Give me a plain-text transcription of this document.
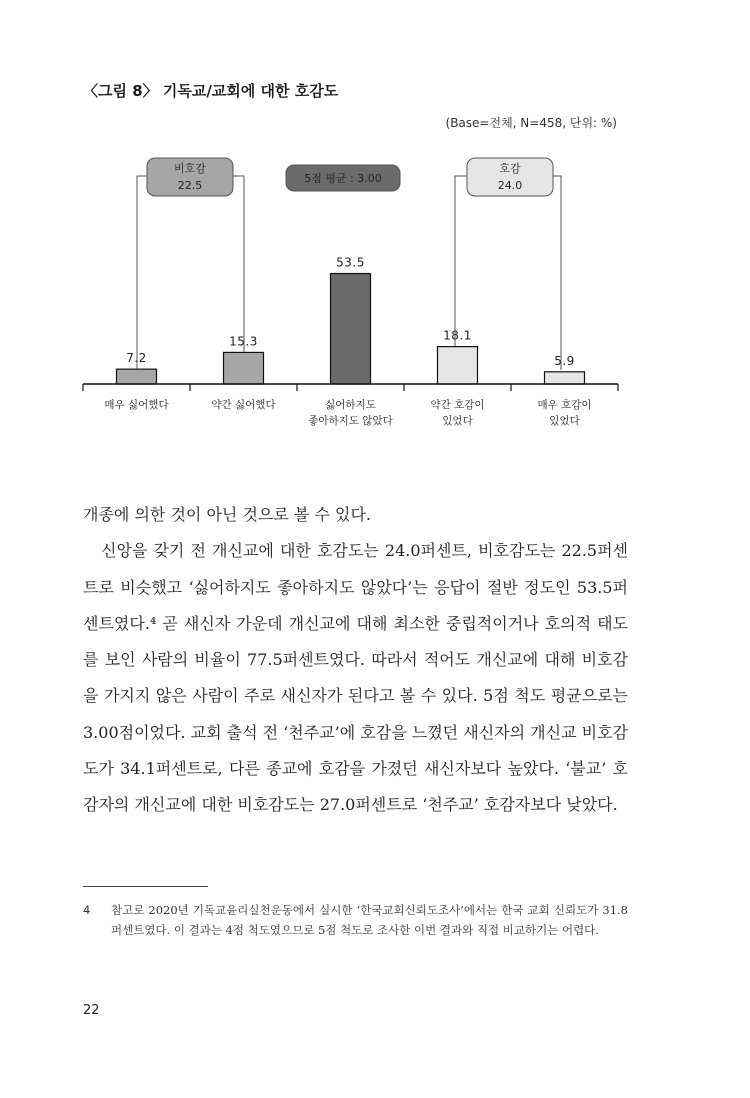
〈그림 8〉 기독교/교회에 대한 호감도
(Base=전체, N=458, 단위: %)
7.2
매우 싫어했다
15.3
약간 싫어했다
53.5
싫어하지도
좋아하지도 않았다
18.1
약간 호감이
있었다
5.9
매우 호감이
있었다
비호감
22.5
5점 평균 : 3.00
호감
24.0

개종에 의한 것이 아닌 것으로 볼 수 있다.

신앙을 갖기 전 개신교에 대한 호감도는 24.0퍼센트, 비호감도는 22.5퍼센트로 비슷했고 ‘싫어하지도 좋아하지도 않았다’는 응답이 절반 정도인 53.5퍼센트였다.⁴ 곧 새신자 가운데 개신교에 대해 최소한 중립적이거나 호의적 태도를 보인 사람의 비율이 77.5퍼센트였다. 따라서 적어도 개신교에 대해 비호감을 가지지 않은 사람이 주로 새신자가 된다고 볼 수 있다. 5점 척도 평균으로는 3.00점이었다. 교회 출석 전 ‘천주교’에 호감을 느꼈던 새신자의 개신교 비호감도가 34.1퍼센트로, 다른 종교에 호감을 가졌던 새신자보다 높았다. ‘불교’ 호감자의 개신교에 대한 비호감도는 27.0퍼센트로 ‘천주교’ 호감자보다 낮았다.

4 참고로 2020년 기독교윤리실천운동에서 실시한 ‘한국교회신뢰도조사’에서는 한국 교회 신뢰도가 31.8퍼센트였다. 이 결과는 4점 척도였으므로 5점 척도로 조사한 이번 결과와 직접 비교하기는 어렵다.
22
